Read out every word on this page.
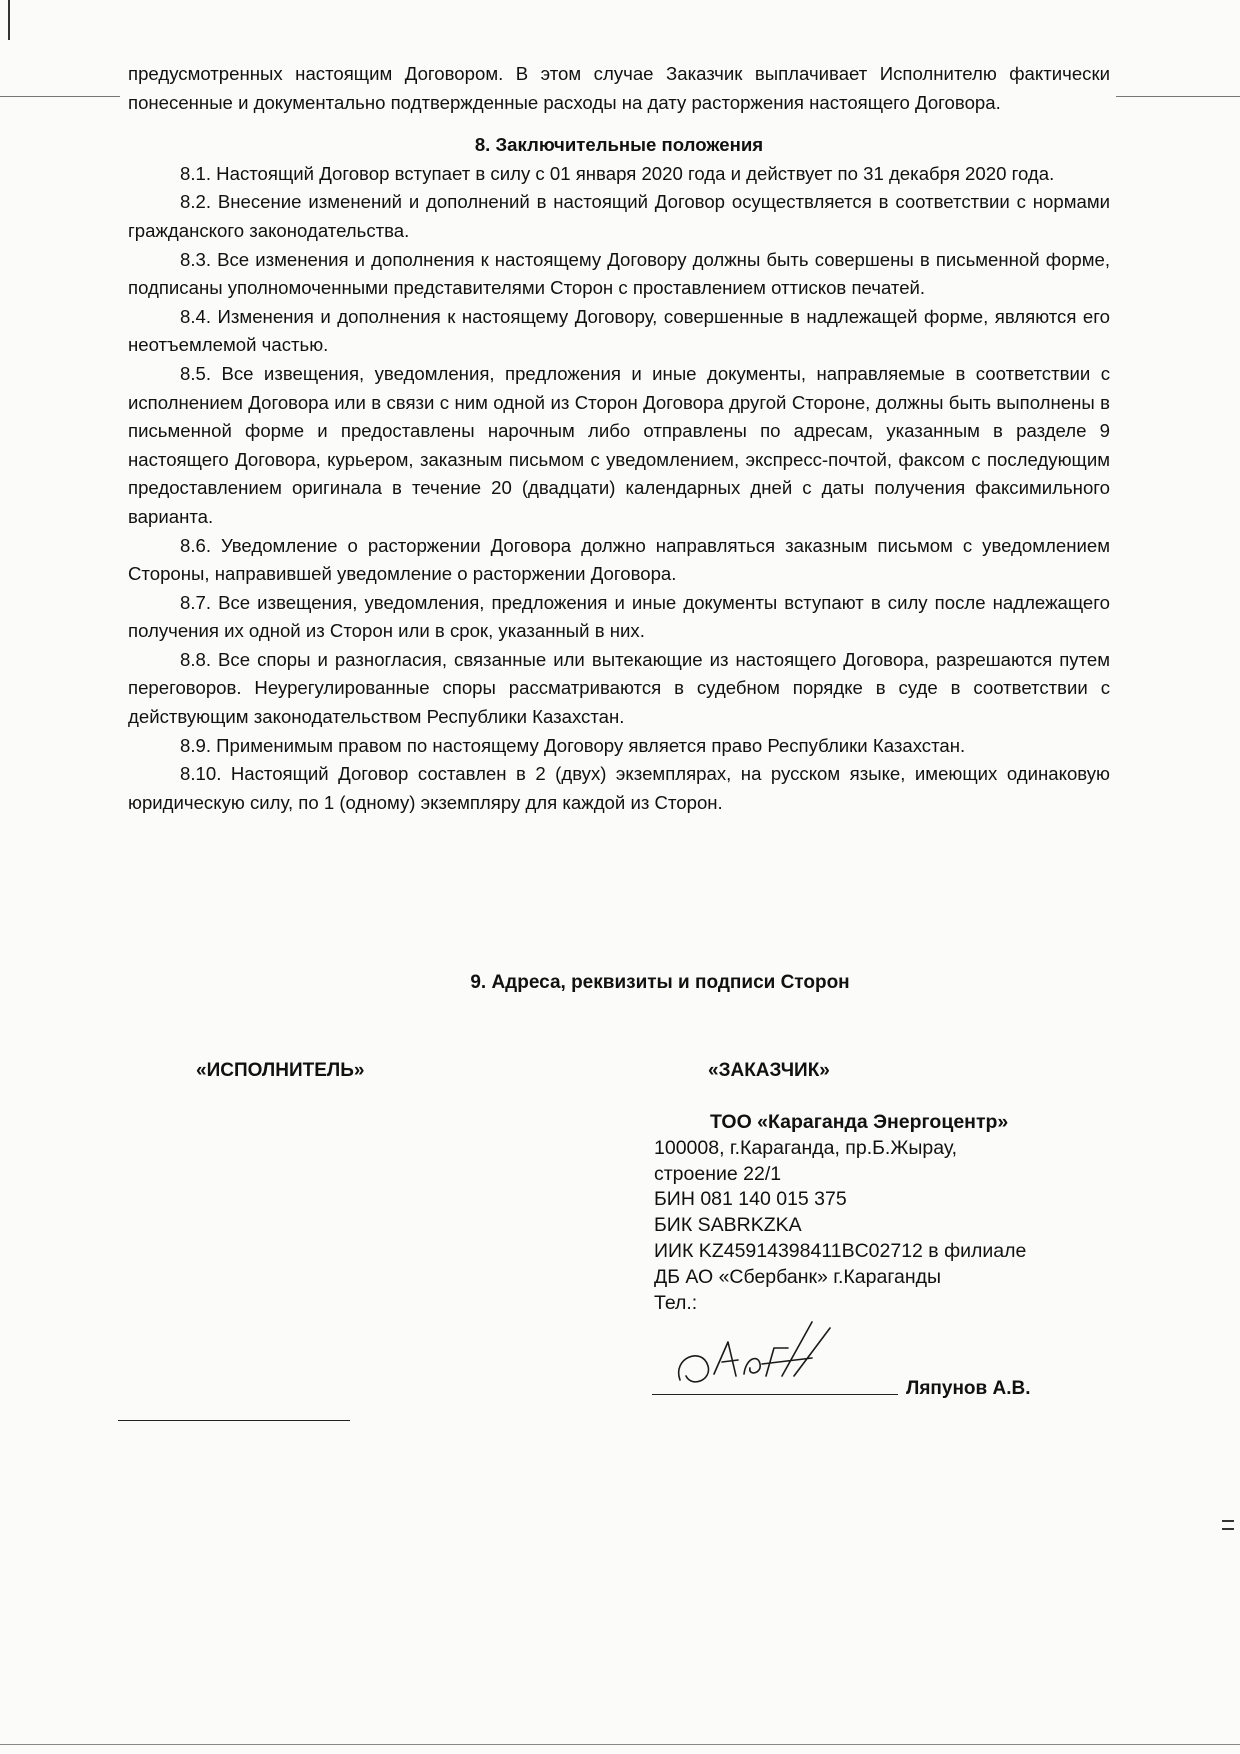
предусмотренных настоящим Договором. В этом случае Заказчик выплачивает Исполнителю фактически понесенные и документально подтвержденные расходы на дату расторжения настоящего Договора.

8. Заключительные положения

8.1. Настоящий Договор вступает в силу с 01 января 2020 года и действует по 31 декабря 2020 года.

8.2. Внесение изменений и дополнений в настоящий Договор осуществляется в соответствии с нормами гражданского законодательства.

8.3. Все изменения и дополнения к настоящему Договору должны быть совершены в письменной форме, подписаны уполномоченными представителями Сторон с проставлением оттисков печатей.

8.4. Изменения и дополнения к настоящему Договору, совершенные в надлежащей форме, являются его неотъемлемой частью.

8.5. Все извещения, уведомления, предложения и иные документы, направляемые в соответствии с исполнением Договора или в связи с ним одной из Сторон Договора другой Стороне, должны быть выполнены в письменной форме и предоставлены нарочным либо отправлены по адресам, указанным в разделе 9 настоящего Договора, курьером, заказным письмом с уведомлением, экспресс-почтой, факсом с последующим предоставлением оригинала в течение 20 (двадцати) календарных дней с даты получения факсимильного варианта.

8.6. Уведомление о расторжении Договора должно направляться заказным письмом с уведомлением Стороны, направившей уведомление о расторжении Договора.

8.7. Все извещения, уведомления, предложения и иные документы вступают в силу после надлежащего получения их одной из Сторон или в срок, указанный в них.

8.8. Все споры и разногласия, связанные или вытекающие из настоящего Договора, разрешаются путем переговоров. Неурегулированные споры рассматриваются в судебном порядке в суде в соответствии с действующим законодательством Республики Казахстан.

8.9. Применимым правом по настоящему Договору является право Республики Казахстан.

8.10. Настоящий Договор составлен в 2 (двух) экземплярах, на русском языке, имеющих одинаковую юридическую силу, по 1 (одному) экземпляру для каждой из Сторон.

9. Адреса, реквизиты и подписи Сторон
«ИСПОЛНИТЕЛЬ»	«ЗАКАЗЧИК»
ТОО «Караганда Энергоцентр»
100008, г.Караганда, пр.Б.Жырау,
строение 22/1
БИН 081 140 015 375
БИК SABRKZKA
ИИК KZ45914398411BC02712 в филиале
ДБ АО «Сбербанк» г.Караганды
Тел.:
Ляпунов А.В.
